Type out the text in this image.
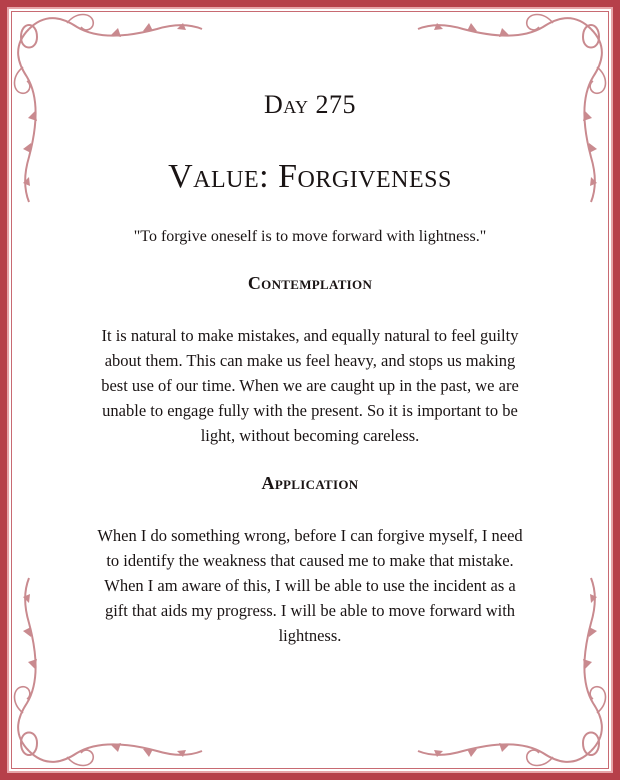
Day 275
Value: Forgiveness
"To forgive oneself is to move forward with lightness."
Contemplation
It is natural to make mistakes, and equally natural to feel guilty
about them. This can make us feel heavy, and stops us making
best use of our time. When we are caught up in the past, we are
unable to engage fully with the present. So it is important to be
light, without becoming careless.
Application
When I do something wrong, before I can forgive myself, I need
to identify the weakness that caused me to make that mistake.
When I am aware of this, I will be able to use the incident as a
gift that aids my progress. I will be able to move forward with
lightness.
